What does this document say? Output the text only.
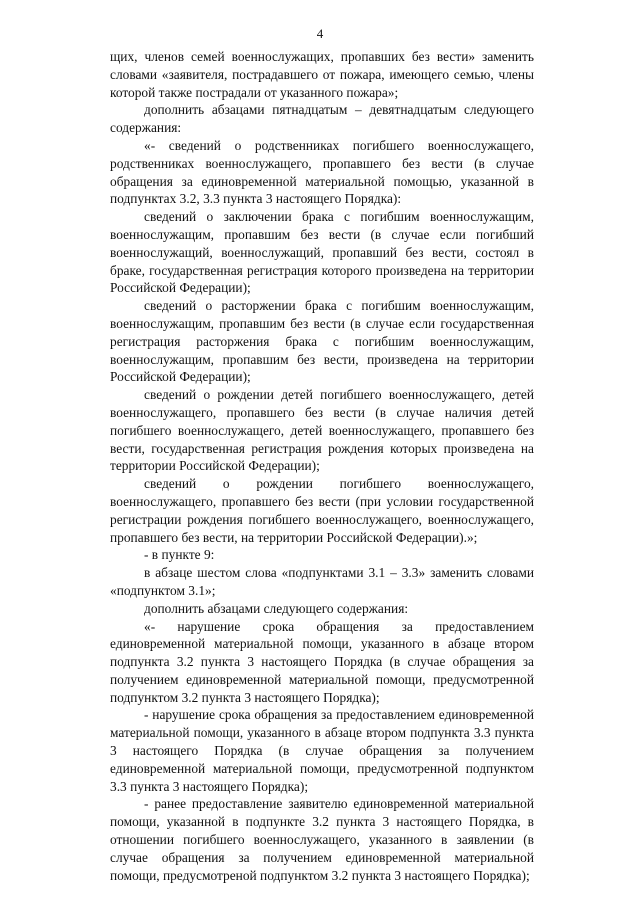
4

щих, членов семей военнослужащих, пропавших без вести» заменить словами «заявителя, пострадавшего от пожара, имеющего семью, члены которой также пострадали от указанного пожара»;

дополнить абзацами пятнадцатым – девятнадцатым следующего содержания:

«- сведений о родственниках погибшего военнослужащего, родственниках военнослужащего, пропавшего без вести (в случае обращения за единовременной материальной помощью, указанной в подпунктах 3.2, 3.3 пункта 3 настоящего Порядка):

сведений о заключении брака с погибшим военнослужащим, военнослужащим, пропавшим без вести (в случае если погибший военнослужащий, военнослужащий, пропавший без вести, состоял в браке, государственная регистрация которого произведена на территории Российской Федерации);

сведений о расторжении брака с погибшим военнослужащим, военнослужащим, пропавшим без вести (в случае если государственная регистрация расторжения брака с погибшим военнослужащим, военнослужащим, пропавшим без вести, произведена на территории Российской Федерации);

сведений о рождении детей погибшего военнослужащего, детей военнослужащего, пропавшего без вести (в случае наличия детей погибшего военнослужащего, детей военнослужащего, пропавшего без вести, государственная регистрация рождения которых произведена на территории Российской Федерации);

сведений о рождении погибшего военнослужащего, военнослужащего, пропавшего без вести (при условии государственной регистрации рождения погибшего военнослужащего, военнослужащего, пропавшего без вести, на территории Российской Федерации).»;

- в пункте 9:

в абзаце шестом слова «подпунктами 3.1 – 3.3» заменить словами «подпунктом 3.1»;

дополнить абзацами следующего содержания:

«- нарушение срока обращения за предоставлением единовременной материальной помощи, указанного в абзаце втором подпункта 3.2 пункта 3 настоящего Порядка (в случае обращения за получением единовременной материальной помощи, предусмотренной подпунктом 3.2 пункта 3 настоящего Порядка);

- нарушение срока обращения за предоставлением единовременной материальной помощи, указанного в абзаце втором подпункта 3.3 пункта 3 настоящего Порядка (в случае обращения за получением единовременной материальной помощи, предусмотренной подпунктом 3.3 пункта 3 настоящего Порядка);

- ранее предоставление заявителю единовременной материальной помощи, указанной в подпункте 3.2 пункта 3 настоящего Порядка, в отношении погибшего военнослужащего, указанного в заявлении (в случае обращения за получением единовременной материальной помощи, предусмотреной подпунктом 3.2 пункта 3 настоящего Порядка);
